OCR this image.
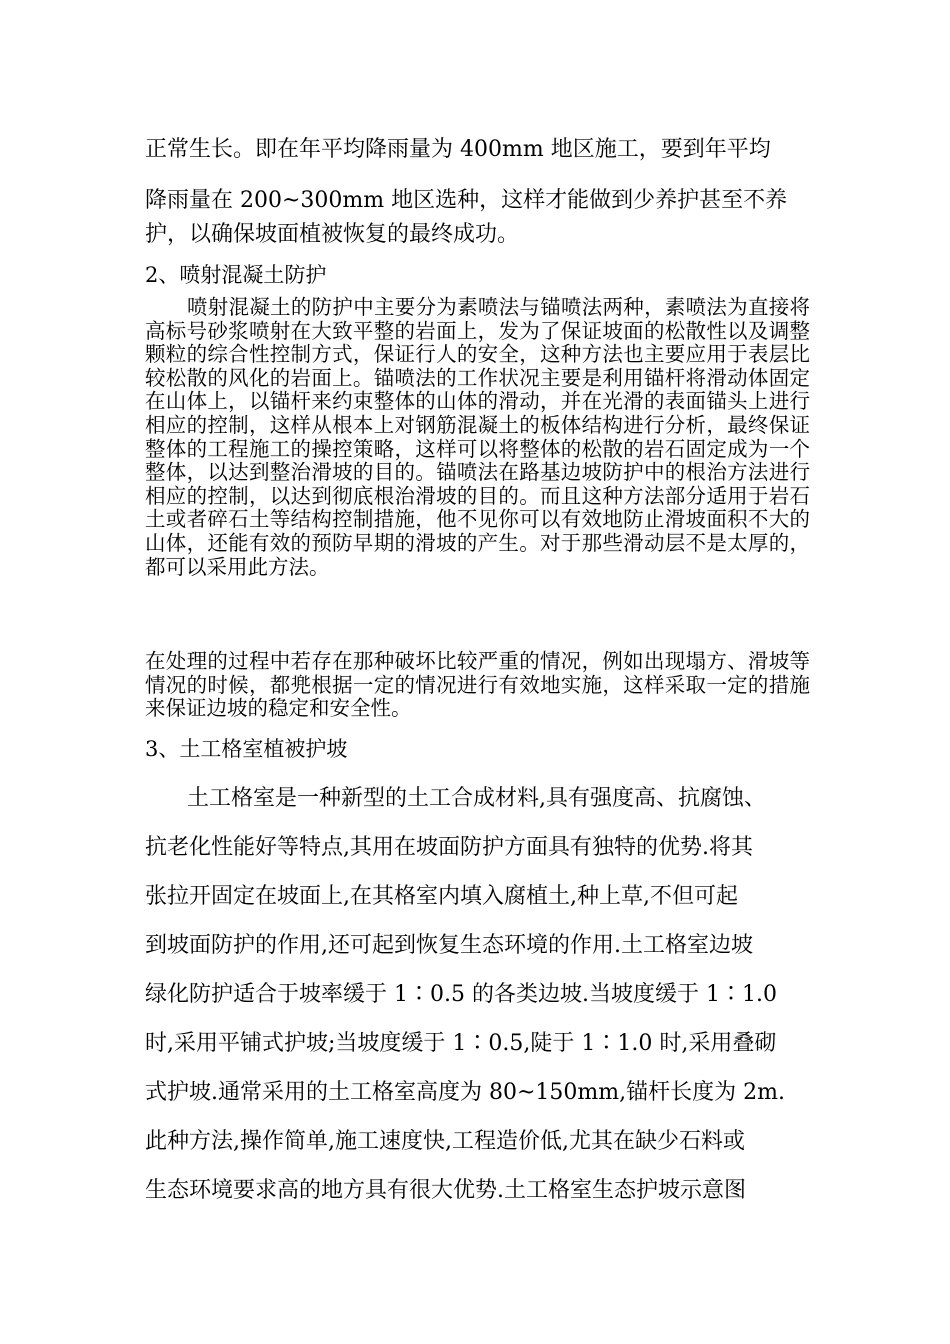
正常生长。即在年平均降雨量为 400mm 地区施工，要到年平均
降雨量在 200~300mm 地区选种，这样才能做到少养护甚至不养
护，以确保坡面植被恢复的最终成功。
2、喷射混凝土防护

喷射混凝土的防护中主要分为素喷法与锚喷法两种，素喷法为直接将高标号砂浆喷射在大致平整的岩面上，发为了保证坡面的松散性以及调整颗粒的综合性控制方式，保证行人的安全，这种方法也主要应用于表层比较松散的风化的岩面上。锚喷法的工作状况主要是利用锚杆将滑动体固定在山体上，以锚杆来约束整体的山体的滑动，并在光滑的表面锚头上进行相应的控制，这样从根本上对钢筋混凝土的板体结构进行分析，最终保证整体的工程施工的操控策略，这样可以将整体的松散的岩石固定成为一个整体，以达到整治滑坡的目的。锚喷法在路基边坡防护中的根治方法进行相应的控制，以达到彻底根治滑坡的目的。而且这种方法部分适用于岩石土或者碎石土等结构控制措施，他不见你可以有效地防止滑坡面积不大的山体，还能有效的预防早期的滑坡的产生。对于那些滑动层不是太厚的，都可以采用此方法。

在处理的过程中若存在那种破坏比较严重的情况，例如出现塌方、滑坡等情况的时候，都兠根据一定的情况进行有效地实施，这样采取一定的措施来保证边坡的稳定和安全性。

3、土工格室植被护坡
土工格室是一种新型的土工合成材料,具有强度高、抗腐蚀、
抗老化性能好等特点,其用在坡面防护方面具有独特的优势.将其
张拉开固定在坡面上,在其格室内填入腐植土,种上草,不但可起
到坡面防护的作用,还可起到恢复生态环境的作用.土工格室边坡
绿化防护适合于坡率缓于 1∶0.5 的各类边坡.当坡度缓于 1∶1.0
时,采用平铺式护坡;当坡度缓于 1∶0.5,陡于 1∶1.0 时,采用叠砌
式护坡.通常采用的土工格室高度为 80~150mm,锚杆长度为 2m.
此种方法,操作简单,施工速度快,工程造价低,尤其在缺少石料或
生态环境要求高的地方具有很大优势.土工格室生态护坡示意图
